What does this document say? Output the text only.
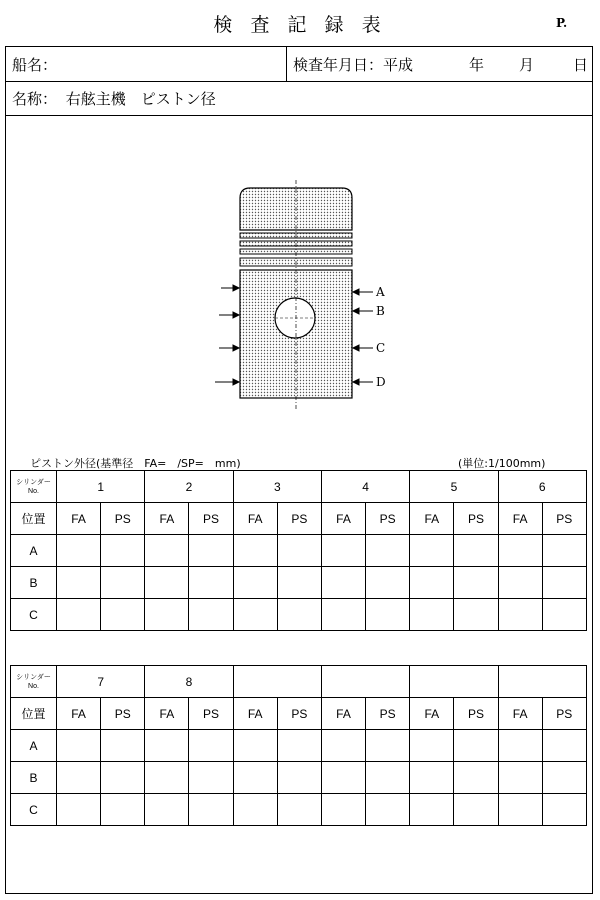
検 査 記 録 表	P.
船名：	検査年月日：平成	年 月	日
名称： 右舷主機　ピストン径
A
B
C
D
ピストン外径(基準径　FA=　/SP=　mm)	(単位:1/100mm)
シリンダー
No.	1		2		3		4		5		6	
位置	FA	PS	FA	PS	FA	PS	FA	PS	FA	PS	FA	PS
A												
B												
C												
シリンダー
No.	7		8									
位置	FA	PS	FA	PS	FA	PS	FA	PS	FA	PS	FA	PS
A												
B												
C												
